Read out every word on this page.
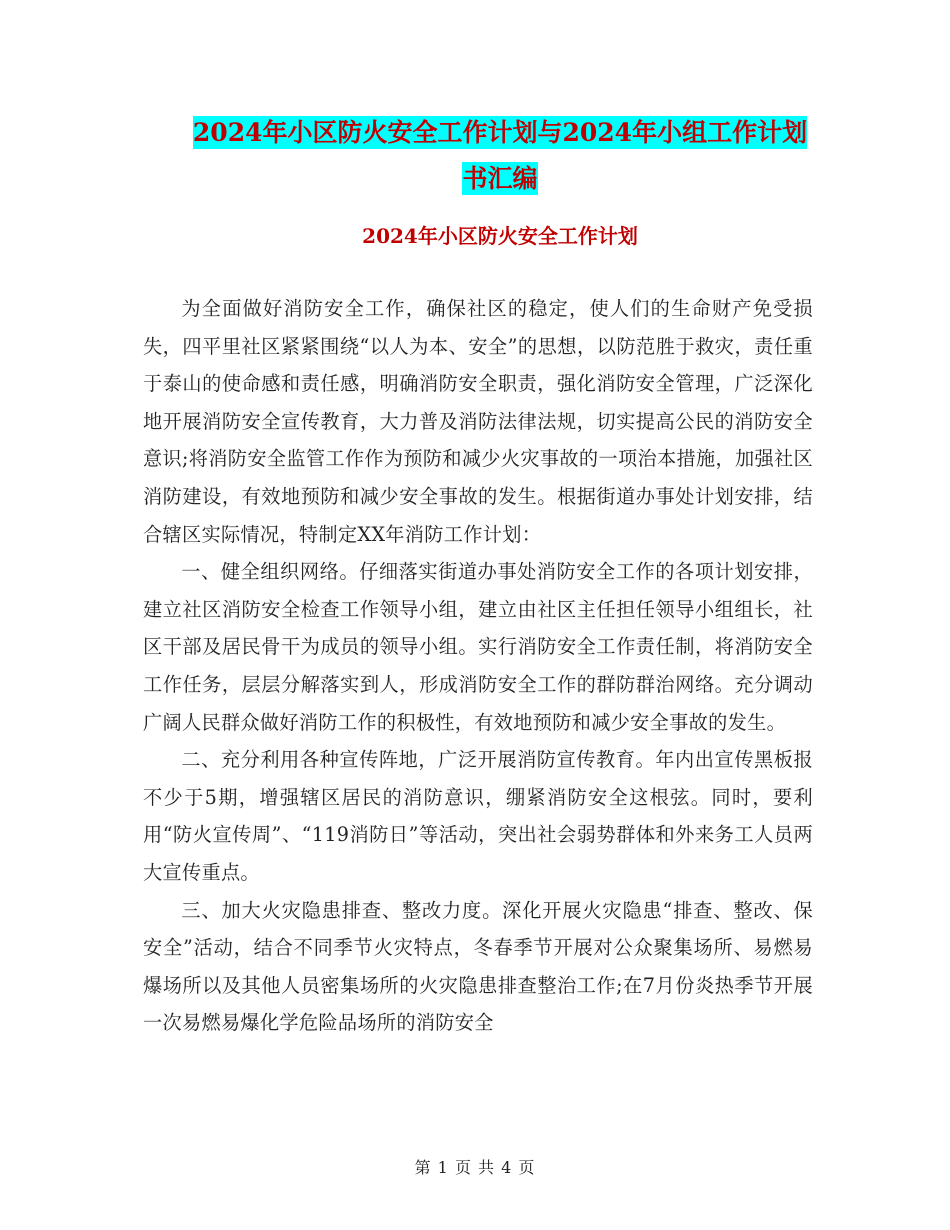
2024年小区防火安全工作计划与2024年小组工作计划
书汇编
2024年小区防火安全工作计划

为全面做好消防安全工作，确保社区的稳定，使人们的生命财产免受损失，四平里社区紧紧围绕“以人为本、安全”的思想，以防范胜于救灾，责任重于泰山的使命感和责任感，明确消防安全职责，强化消防安全管理，广泛深化地开展消防安全宣传教育，大力普及消防法律法规，切实提高公民的消防安全意识;将消防安全监管工作作为预防和减少火灾事故的一项治本措施，加强社区消防建设，有效地预防和减少安全事故的发生。根据街道办事处计划安排，结合辖区实际情况，特制定XX年消防工作计划：

一、健全组织网络。仔细落实街道办事处消防安全工作的各项计划安排，建立社区消防安全检查工作领导小组，建立由社区主任担任领导小组组长，社区干部及居民骨干为成员的领导小组。实行消防安全工作责任制，将消防安全工作任务，层层分解落实到人，形成消防安全工作的群防群治网络。充分调动广阔人民群众做好消防工作的积极性，有效地预防和减少安全事故的发生。

二、充分利用各种宣传阵地，广泛开展消防宣传教育。年内出宣传黑板报不少于5期，增强辖区居民的消防意识，绷紧消防安全这根弦。同时，要利用“防火宣传周”、“119消防日”等活动，突出社会弱势群体和外来务工人员两大宣传重点。

三、加大火灾隐患排查、整改力度。深化开展火灾隐患“排查、整改、保安全”活动，结合不同季节火灾特点，冬春季节开展对公众聚集场所、易燃易爆场所以及其他人员密集场所的火灾隐患排查整治工作;在7月份炎热季节开展一次易燃易爆化学危险品场所的消防安全

第 1 页 共 4 页
